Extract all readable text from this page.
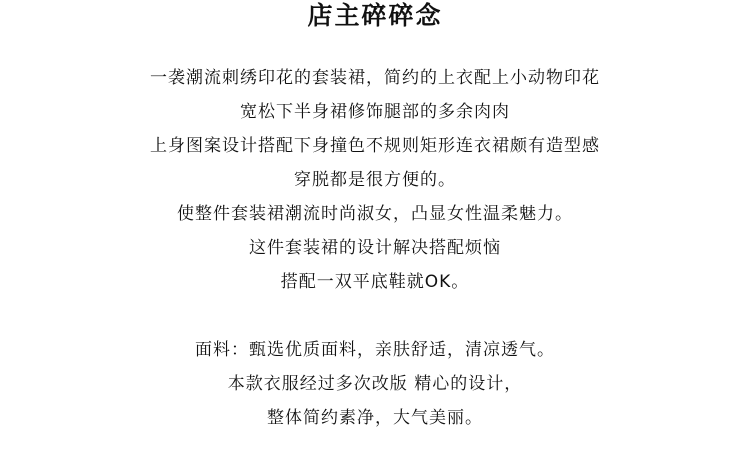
店主碎碎念
一袭潮流刺绣印花的套装裙，简约的上衣配上小动物印花
宽松下半身裙修饰腿部的多余肉肉
上身图案设计搭配下身撞色不规则矩形连衣裙颇有造型感
穿脱都是很方便的。
使整件套装裙潮流时尚淑女，凸显女性温柔魅力。
这件套装裙的设计解决搭配烦恼
搭配一双平底鞋就OK。
面料：甄选优质面料，亲肤舒适，清凉透气。
本款衣服经过多次改版 精心的设计，
整体简约素净，大气美丽。
